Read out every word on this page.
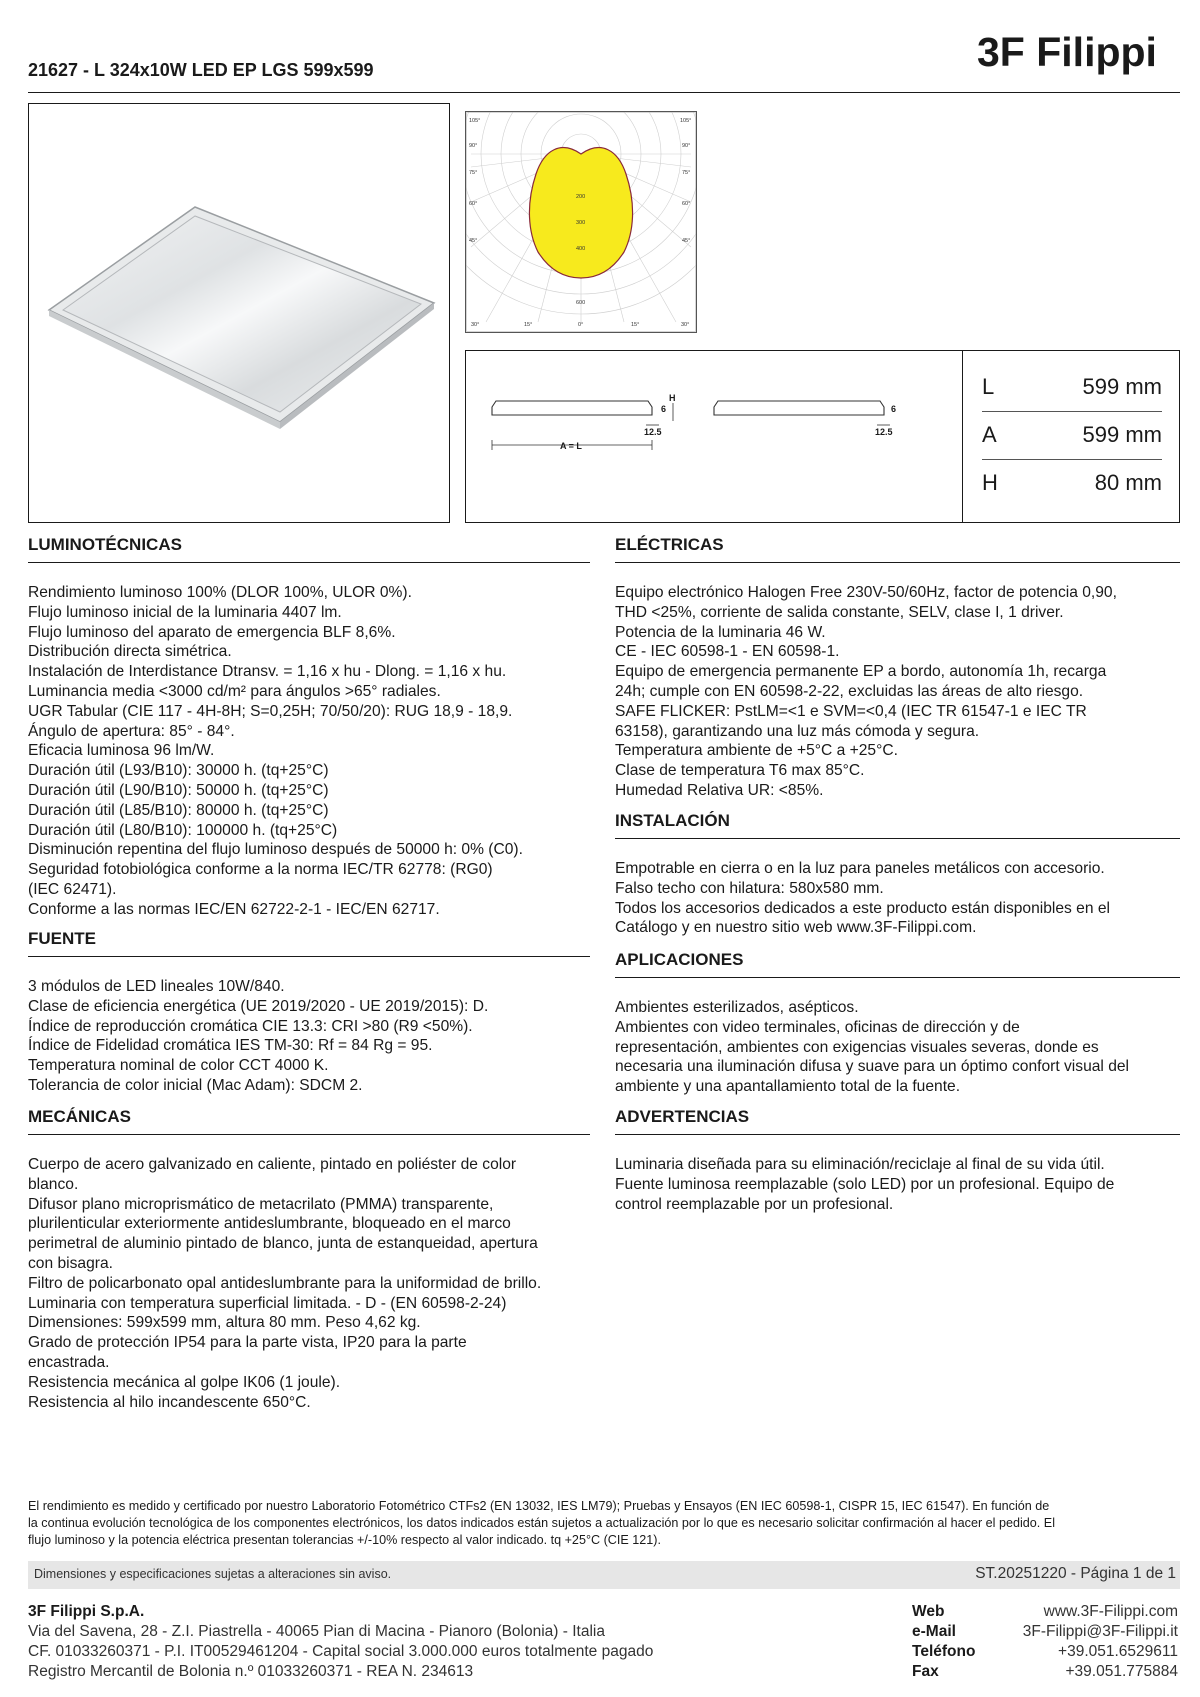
21627 - L 324x10W LED EP LGS 599x599	3F Filippi
105°	105°
90°
75°
60°
45°
90°
75°
60°
45°
30°	15°	0°	15°	30°
200
300
400
600
6
H
12.5
A = L
6
12.5
L	599 mm
A	599 mm
H	80 mm
LUMINOTÉCNICAS
Rendimiento luminoso 100% (DLOR 100%, ULOR 0%).
Flujo luminoso inicial de la luminaria 4407 lm.
Flujo luminoso del aparato de emergencia BLF 8,6%.
Distribución directa simétrica.
Instalación de Interdistance Dtransv. = 1,16 x hu - Dlong. = 1,16 x hu.
Luminancia media <3000 cd/m² para ángulos >65° radiales.
UGR Tabular (CIE 117 - 4H-8H; S=0,25H; 70/50/20): RUG 18,9 - 18,9.
Ángulo de apertura: 85° - 84°.
Eficacia luminosa 96 lm/W.
Duración útil (L93/B10): 30000 h. (tq+25°C)
Duración útil (L90/B10): 50000 h. (tq+25°C)
Duración útil (L85/B10): 80000 h. (tq+25°C)
Duración útil (L80/B10): 100000 h. (tq+25°C)
Disminución repentina del flujo luminoso después de 50000 h: 0% (C0).
Seguridad fotobiológica conforme a la norma IEC/TR 62778: (RG0)
(IEC 62471).
Conforme a las normas IEC/EN 62722-2-1 - IEC/EN 62717.
FUENTE
3 módulos de LED lineales 10W/840.
Clase de eficiencia energética (UE 2019/2020 - UE 2019/2015): D.
Índice de reproducción cromática CIE 13.3: CRI >80 (R9 <50%).
Índice de Fidelidad cromática IES TM-30: Rf = 84 Rg = 95.
Temperatura nominal de color CCT 4000 K.
Tolerancia de color inicial (Mac Adam): SDCM 2.
MECÁNICAS
Cuerpo de acero galvanizado en caliente, pintado en poliéster de color
blanco.
Difusor plano microprismático de metacrilato (PMMA) transparente,
plurilenticular exteriormente antideslumbrante, bloqueado en el marco
perimetral de aluminio pintado de blanco, junta de estanqueidad, apertura
con bisagra.
Filtro de policarbonato opal antideslumbrante para la uniformidad de brillo.
Luminaria con temperatura superficial limitada. - D - (EN 60598-2-24)
Dimensiones: 599x599 mm, altura 80 mm. Peso 4,62 kg.
Grado de protección IP54 para la parte vista, IP20 para la parte
encastrada.
Resistencia mecánica al golpe IK06 (1 joule).
Resistencia al hilo incandescente 650°C.
ELÉCTRICAS
Equipo electrónico Halogen Free 230V-50/60Hz, factor de potencia 0,90,
THD <25%, corriente de salida constante, SELV, clase I, 1 driver.
Potencia de la luminaria 46 W.
CE - IEC 60598-1 - EN 60598-1.
Equipo de emergencia permanente EP a bordo, autonomía 1h, recarga
24h; cumple con EN 60598-2-22, excluidas las áreas de alto riesgo.
SAFE FLICKER: PstLM=<1 e SVM=<0,4 (IEC TR 61547-1 e IEC TR
63158), garantizando una luz más cómoda y segura.
Temperatura ambiente de +5°C a +25°C.
Clase de temperatura T6 max 85°C.
Humedad Relativa UR: <85%.
INSTALACIÓN
Empotrable en cierra o en la luz para paneles metálicos con accesorio.
Falso techo con hilatura: 580x580 mm.
Todos los accesorios dedicados a este producto están disponibles en el
Catálogo y en nuestro sitio web www.3F-Filippi.com.
APLICACIONES
Ambientes esterilizados, asépticos.
Ambientes con video terminales, oficinas de dirección y de
representación, ambientes con exigencias visuales severas, donde es
necesaria una iluminación difusa y suave para un óptimo confort visual del
ambiente y una apantallamiento total de la fuente.
ADVERTENCIAS
Luminaria diseñada para su eliminación/reciclaje al final de su vida útil.
Fuente luminosa reemplazable (solo LED) por un profesional. Equipo de
control reemplazable por un profesional.
El rendimiento es medido y certificado por nuestro Laboratorio Fotométrico CTFs2 (EN 13032, IES LM79); Pruebas y Ensayos (EN IEC 60598-1, CISPR 15, IEC 61547). En función de
la continua evolución tecnológica de los componentes electrónicos, los datos indicados están sujetos a actualización por lo que es necesario solicitar confirmación al hacer el pedido. El
flujo luminoso y la potencia eléctrica presentan tolerancias +/-10% respecto al valor indicado. tq +25°C (CIE 121).
Dimensiones y especificaciones sujetas a alteraciones sin aviso.	ST.20251220 - Página 1 de 1
3F Filippi S.p.A.
Via del Savena, 28 - Z.I. Piastrella - 40065 Pian di Macina - Pianoro (Bolonia) - Italia
CF. 01033260371 - P.I. IT00529461204 - Capital social 3.000.000 euros totalmente pagado
Registro Mercantil de Bolonia n.º 01033260371 - REA N. 234613
Web	www.3F-Filippi.com
e-Mail	3F-Filippi@3F-Filippi.it
Teléfono	+39.051.6529611
Fax	+39.051.775884
